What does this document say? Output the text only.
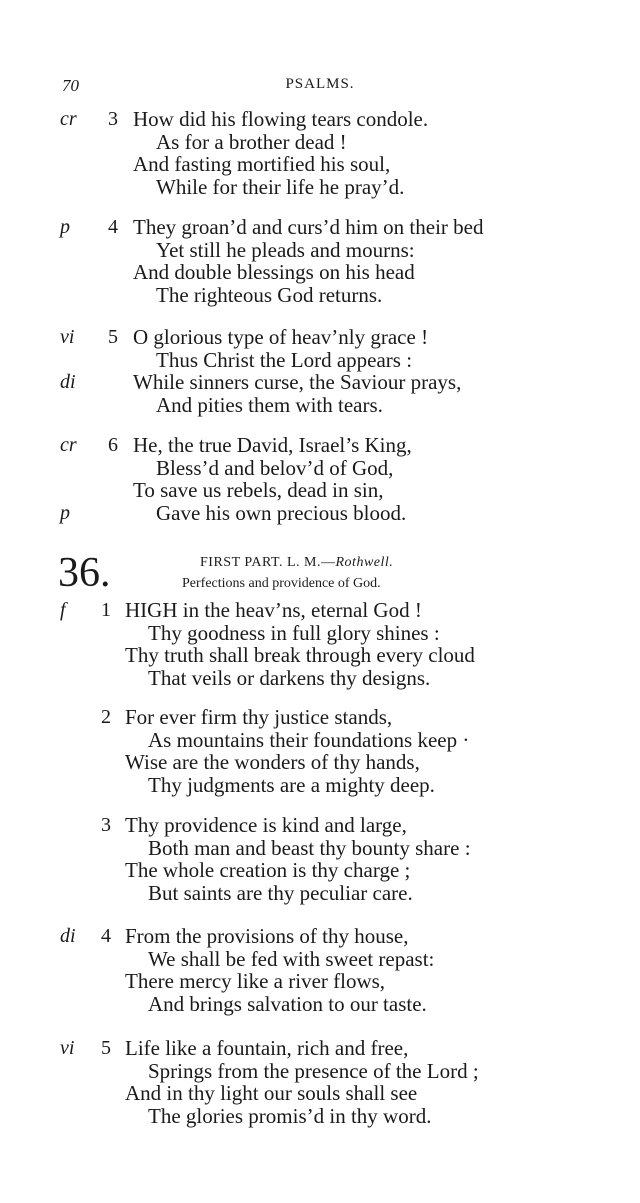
70	PSALMS.
cr 3 How did his flowing tears condole.
As for a brother dead !
And fasting mortified his soul,
While for their life he pray’d.
p 4 They groan’d and curs’d him on their bed
Yet still he pleads and mourns:
And double blessings on his head
The righteous God returns.
vi 5 O glorious type of heav’nly grace !
Thus Christ the Lord appears :
di	While sinners curse, the Saviour prays,
And pities them with tears.
cr 6 He, the true David, Israel’s King,
Bless’d and belov’d of God,
To save us rebels, dead in sin,
p	Gave his own precious blood.
36.	FIRST PART. L. M.—Rothwell.
Perfections and providence of God.
f 1 HIGH in the heav’ns, eternal God !
Thy goodness in full glory shines :
Thy truth shall break through every cloud
That veils or darkens thy designs.
2 For ever firm thy justice stands,
As mountains their foundations keep ·
Wise are the wonders of thy hands,
Thy judgments are a mighty deep.
3 Thy providence is kind and large,
Both man and beast thy bounty share :
The whole creation is thy charge ;
But saints are thy peculiar care.
di 4 From the provisions of thy house,
We shall be fed with sweet repast:
There mercy like a river flows,
And brings salvation to our taste.
vi 5 Life like a fountain, rich and free,
Springs from the presence of the Lord ;
And in thy light our souls shall see
The glories promis’d in thy word.
